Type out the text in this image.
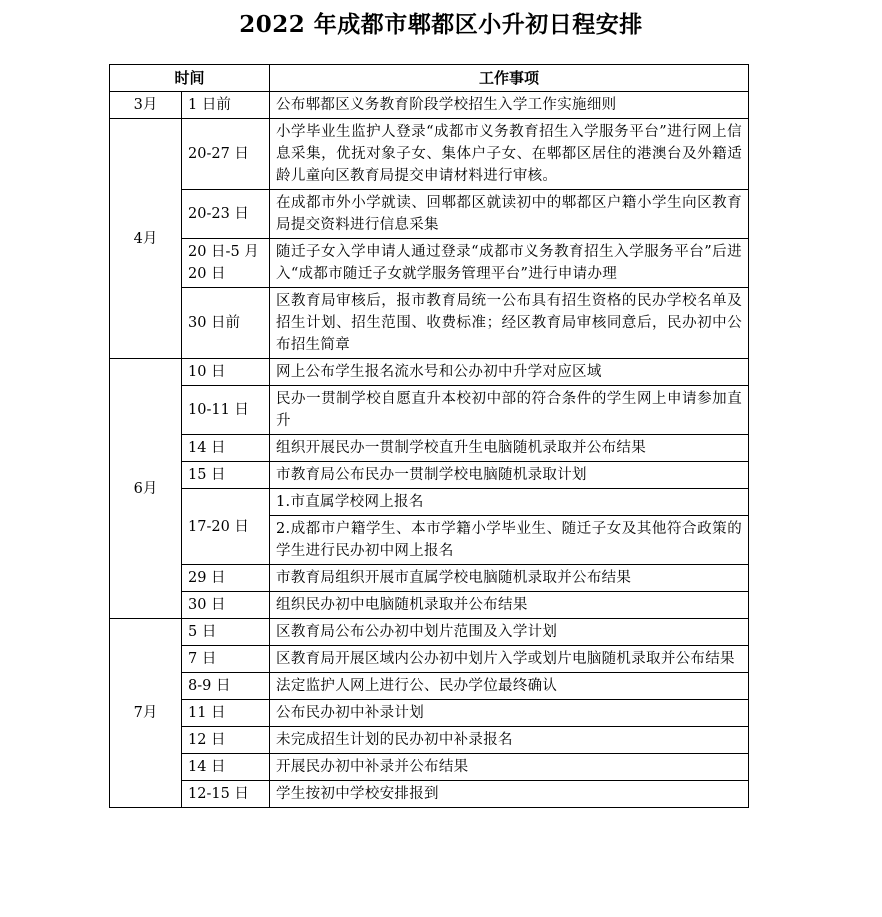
2022 年成都市郫都区小升初日程安排
时间		工作事项
3月	1 日前	公布郫都区义务教育阶段学校招生入学工作实施细则
4月	20-27 日	小学毕业生监护人登录“成都市义务教育招生入学服务平台”进行网上信息采集，优抚对象子女、集体户子女、在郫都区居住的港澳台及外籍适龄儿童向区教育局提交申请材料进行审核。
	20-23 日	在成都市外小学就读、回郫都区就读初中的郫都区户籍小学生向区教育局提交资料进行信息采集
	20 日-5 月 20 日	随迁子女入学申请人通过登录“成都市义务教育招生入学服务平台”后进入“成都市随迁子女就学服务管理平台”进行申请办理
	30 日前	区教育局审核后，报市教育局统一公布具有招生资格的民办学校名单及招生计划、招生范围、收费标准；经区教育局审核同意后，民办初中公布招生简章
6月	10 日	网上公布学生报名流水号和公办初中升学对应区域
	10-11 日	民办一贯制学校自愿直升本校初中部的符合条件的学生网上申请参加直升
	14 日	组织开展民办一贯制学校直升生电脑随机录取并公布结果
	15 日	市教育局公布民办一贯制学校电脑随机录取计划
	17-20 日	1.市直属学校网上报名
		2.成都市户籍学生、本市学籍小学毕业生、随迁子女及其他符合政策的学生进行民办初中网上报名
	29 日	市教育局组织开展市直属学校电脑随机录取并公布结果
	30 日	组织民办初中电脑随机录取并公布结果
7月	5 日	区教育局公布公办初中划片范围及入学计划
	7 日	区教育局开展区域内公办初中划片入学或划片电脑随机录取并公布结果
	8-9 日	法定监护人网上进行公、民办学位最终确认
	11 日	公布民办初中补录计划
	12 日	未完成招生计划的民办初中补录报名
	14 日	开展民办初中补录并公布结果
	12-15 日	学生按初中学校安排报到
